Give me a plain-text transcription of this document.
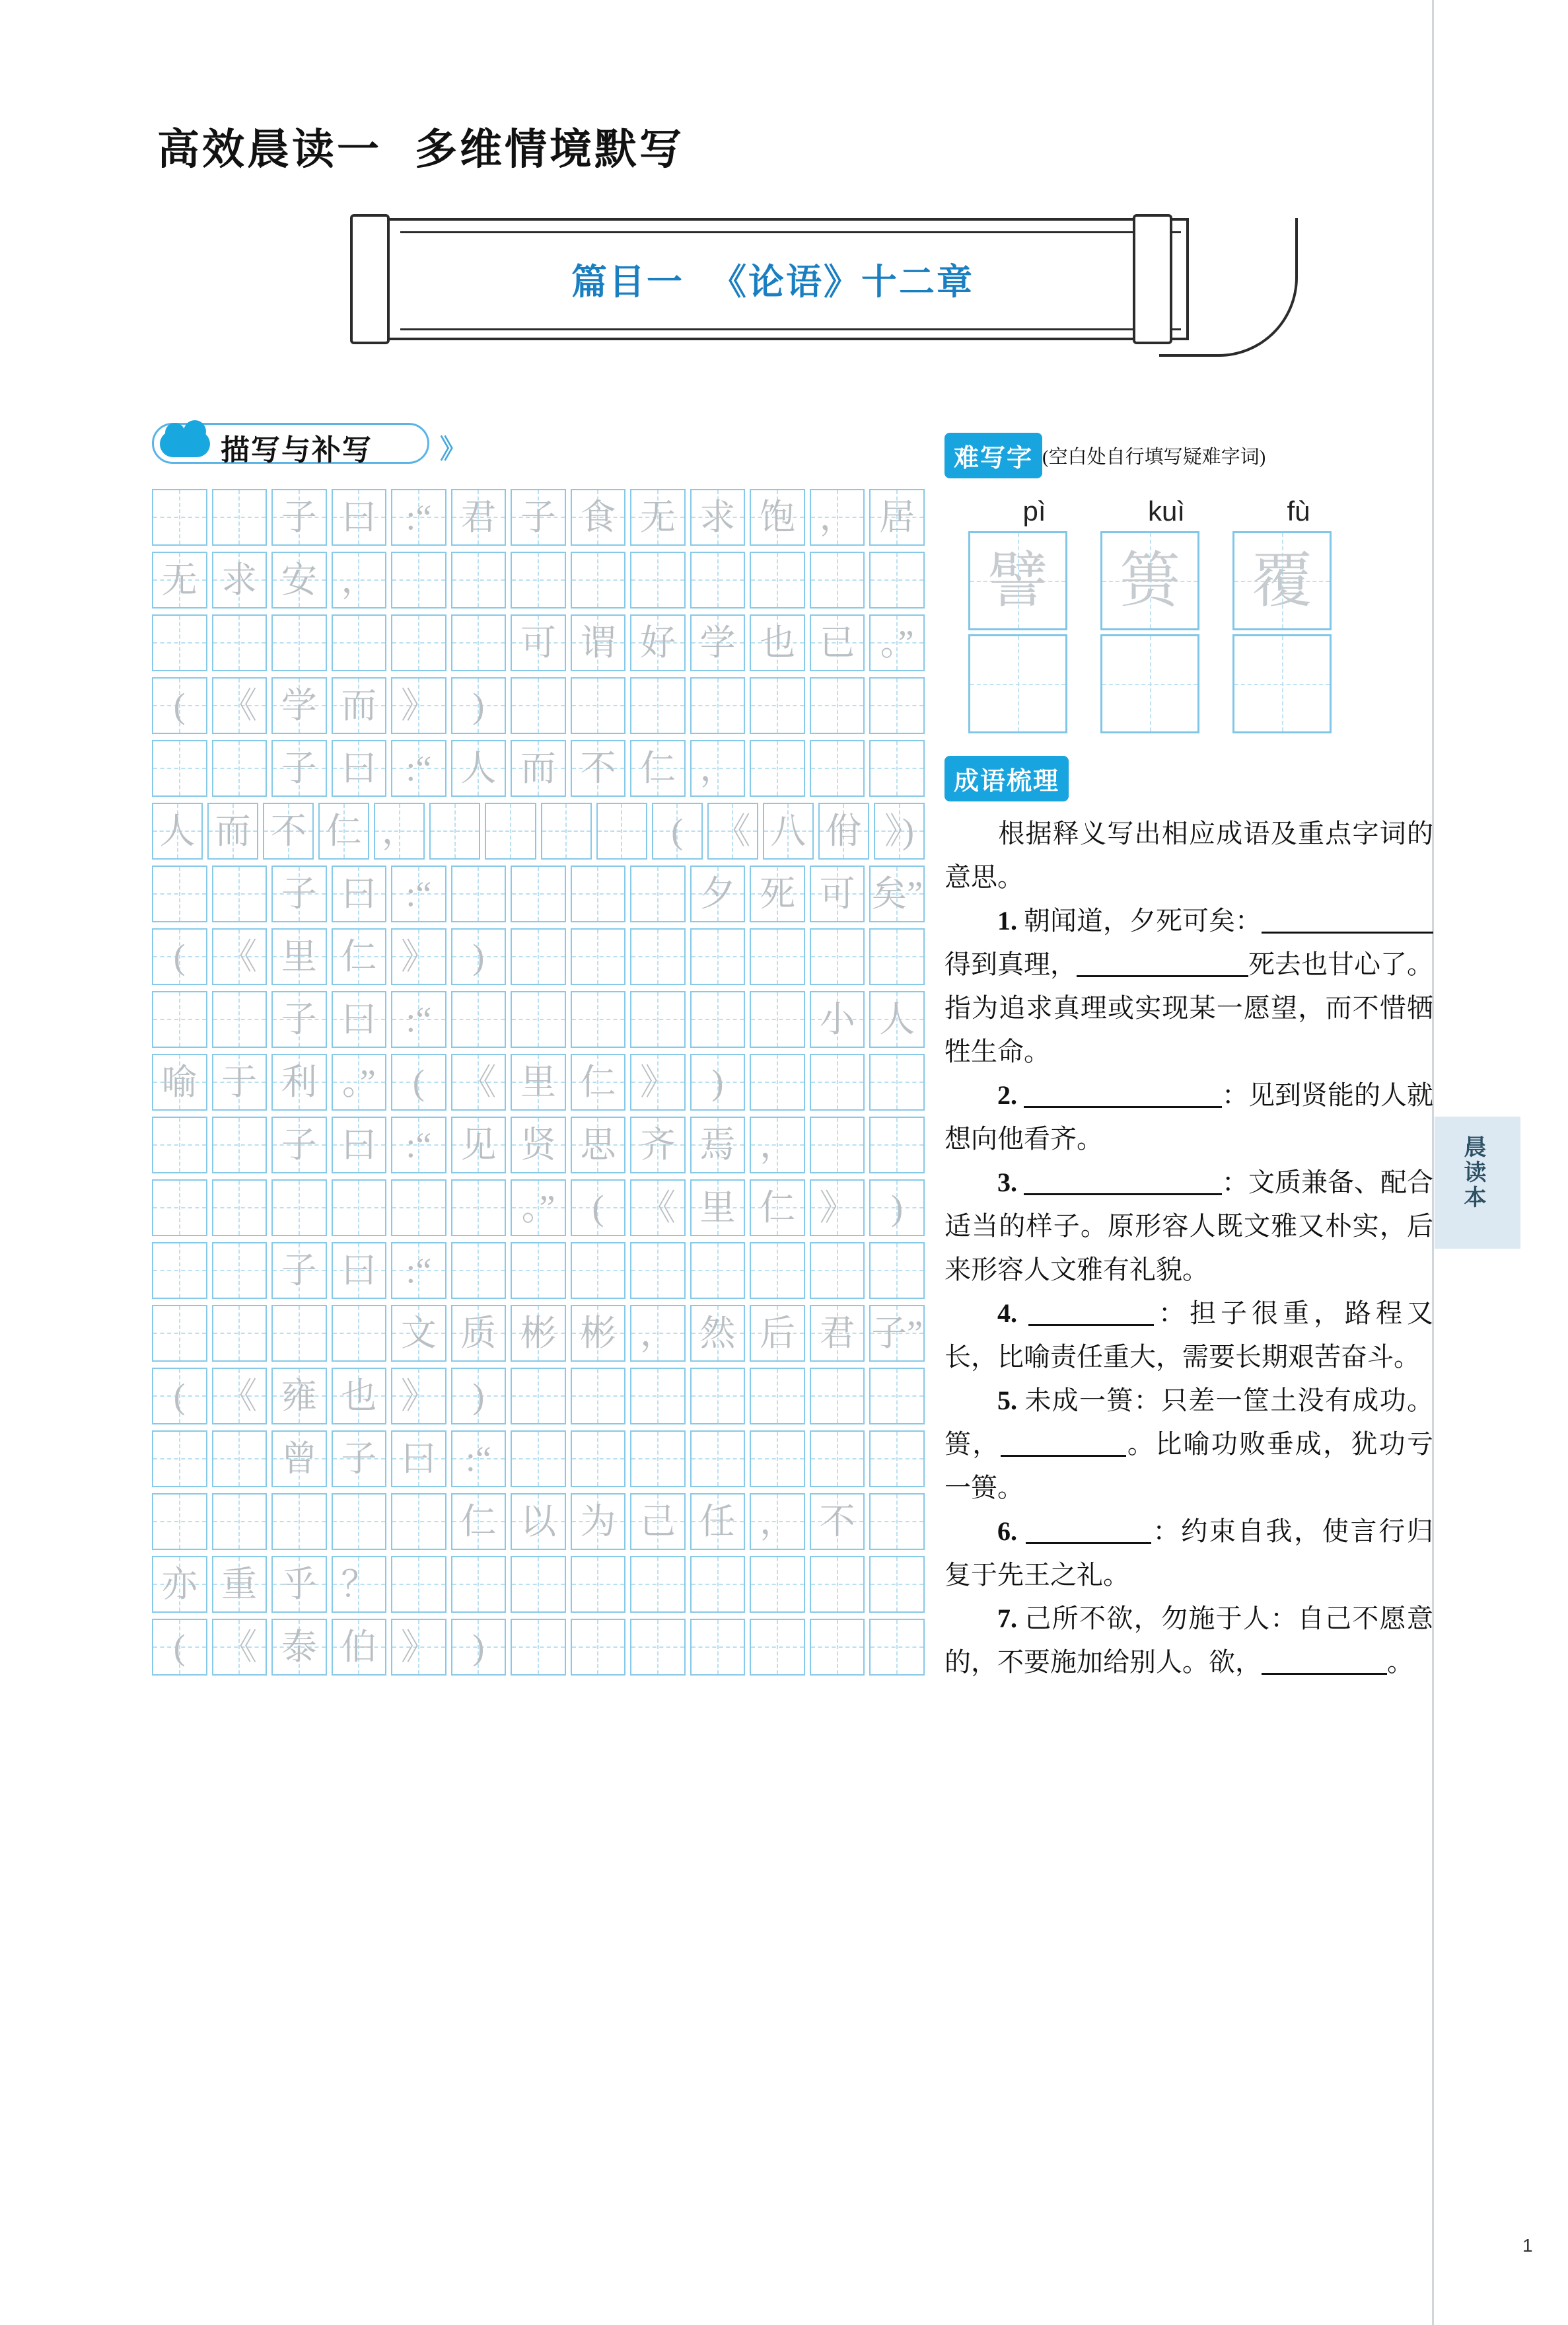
高效晨读一 多维情境默写
篇目一 《论语》十二章
描写与补写	》
子 曰 :“ 君 子 食 无 求 饱 ， 居
无 求 安 ，
可 谓 好 学 也 已 。”
(	《 学 而 》	)
子 曰 :“ 人 而 不 仁 ，
人 而 不 仁 ，	( 《 八 佾 》)
子 曰 :“	夕 死 可 矣”
(	《 里 仁 》	)
子 曰 :“	小 人
喻 于 利 。”	(	《 里 仁 》	)
子 曰 :“ 见 贤 思 齐 焉 ，
。”	(	《 里 仁 》	)
子 曰 :“
文 质 彬 彬 ， 然 后 君 子”
(	《 雍 也 》	)
曾 子 曰 :“
仁 以 为 己 任 ， 不
亦 重 乎 ？
(	《 泰 伯 》	)
难写字 (空白处自行填写疑难字词)
pì	kuì	fù
譬 篑 覆
成语梳理

根据释义写出相应成语及重点字词的意思。

1. 朝闻道，夕死可矣：得到真理，	死去也甘心了。指为追求真理或实现某一愿望，而不惜牺牲生命。

2.	：见到贤能的人就想向他看齐。

3.	：文质兼备、配合适当的样子。原形容人既文雅又朴实，后来形容人文雅有礼貌。

4.	：担子很重，路程又长，比喻责任重大，需要长期艰苦奋斗。

5. 未成一篑：只差一筐土没有成功。篑，	。比喻功败垂成，犹功亏一篑。

6.	：约束自我，使言行归复于先王之礼。

7. 己所不欲，勿施于人：自己不愿意的，不要施加给别人。欲，	。

晨读本
1
